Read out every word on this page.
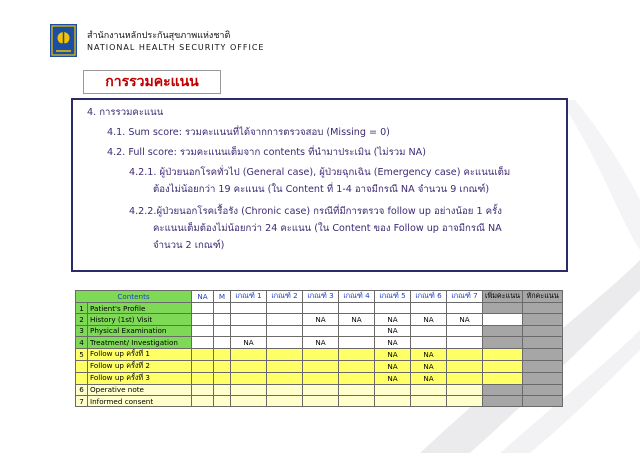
สำนักงานหลักประกันสุขภาพแห่งชาติ
NATIONAL HEALTH SECURITY OFFICE
การรวมคะแนน
4. การรวมคะแนน
4.1. Sum score: รวมคะแนนที่ได้จากการตรวจสอบ (Missing = 0)
4.2. Full score: รวมคะแนนเต็มจาก contents ที่นำมาประเมิน (ไม่รวม NA)
4.2.1. ผู้ป่วยนอกโรคทั่วไป (General case), ผู้ป่วยฉุกเฉิน (Emergency case) คะแนนเต็ม
ต้องไม่น้อยกว่า 19 คะแนน (ใน Content ที่ 1-4 อาจมีกรณี NA จำนวน 9 เกณฑ์)
4.2.2.ผู้ป่วยนอกโรคเรื้อรัง (Chronic case) กรณีที่มีการตรวจ follow up อย่างน้อย 1 ครั้ง
คะแนนเต็มต้องไม่น้อยกว่า 24 คะแนน (ใน Content ของ Follow up อาจมีกรณี NA
จำนวน 2 เกณฑ์)
Contents		NA	M	เกณฑ์ 1	เกณฑ์ 2	เกณฑ์ 3	เกณฑ์ 4	เกณฑ์ 5	เกณฑ์ 6	เกณฑ์ 7	เพิ่มคะแนน	หักคะแนน
1	Patient's Profile											
2	History (1st) Visit					NA	NA	NA	NA	NA		
3	Physical Examination							NA				
4	Treatment/ Investigation			NA		NA		NA				
5	Follow up ครั้งที่ 1							NA	NA			
	Follow up ครั้งที่ 2							NA	NA			
	Follow up ครั้งที่ 3							NA	NA			
6	Operative note											
7	Informed consent											
